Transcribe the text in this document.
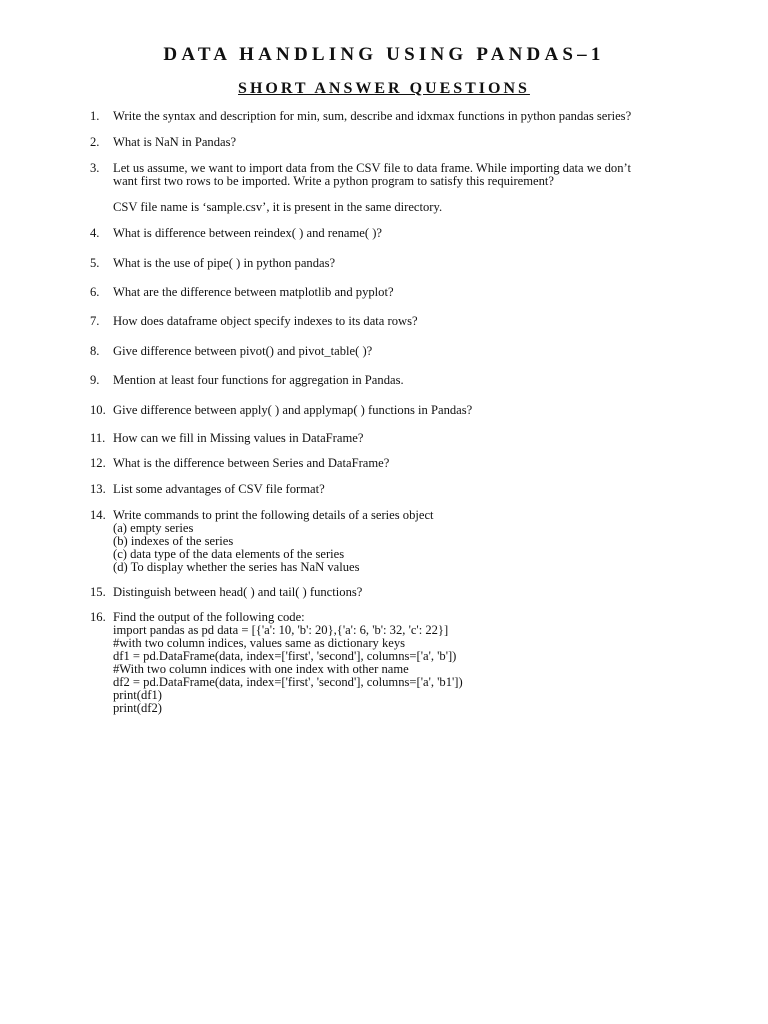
DATA HANDLING USING PANDAS–1
SHORT ANSWER QUESTIONS
1.	Write the syntax and description for min, sum, describe and idxmax functions in python pandas series?
2.	What is NaN in Pandas?
3.	Let us assume, we want to import data from the CSV file to data frame. While importing data we don’t
want first two rows to be imported. Write a python program to satisfy this requirement?
CSV file name is ‘sample.csv’, it is present in the same directory.
4.	What is difference between reindex( ) and rename( )?
5.	What is the use of pipe( ) in python pandas?
6.	What are the difference between matplotlib and pyplot?
7.	How does dataframe object specify indexes to its data rows?
8.	Give difference between pivot() and pivot_table( )?
9.	Mention at least four functions for aggregation in Pandas.
10. Give difference between apply( ) and applymap( ) functions in Pandas?
11. How can we fill in Missing values in DataFrame?
12. What is the difference between Series and DataFrame?
13. List some advantages of CSV file format?
14. Write commands to print the following details of a series object
(a) empty series
(b) indexes of the series
(c) data type of the data elements of the series
(d) To display whether the series has NaN values
15. Distinguish between head( ) and tail( ) functions?
16. Find the output of the following code:
import pandas as pd data = [{'a': 10, 'b': 20},{'a': 6, 'b': 32, 'c': 22}]
#with two column indices, values same as dictionary keys
df1 = pd.DataFrame(data, index=['first', 'second'], columns=['a', 'b'])
#With two column indices with one index with other name
df2 = pd.DataFrame(data, index=['first', 'second'], columns=['a', 'b1'])
print(df1)
print(df2)
